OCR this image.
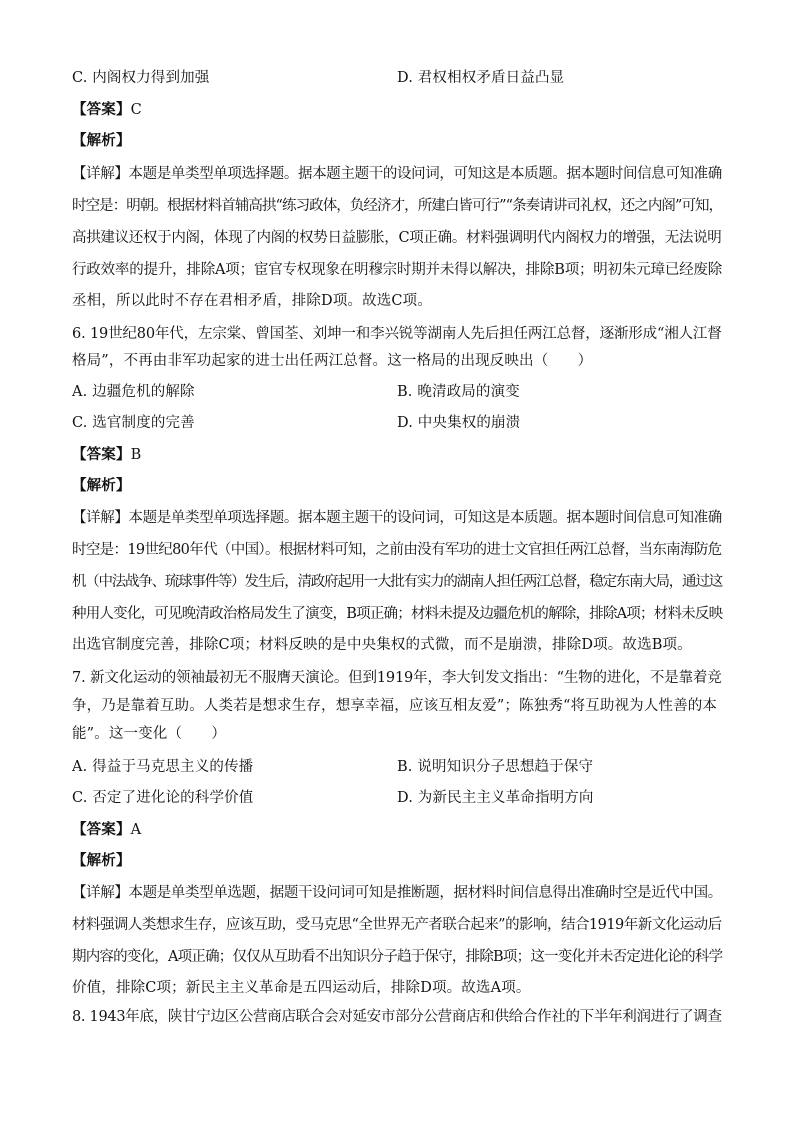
C. 内阁权力得到加强	D. 君权相权矛盾日益凸显
【答案】C
【解析】
【详解】本题是单类型单项选择题。据本题主题干的设问词，可知这是本质题。据本题时间信息可知准确
时空是：明朝。根据材料首辅高拱“练习政体，负经济才，所建白皆可行”“条奏请讲司礼权，还之内阁”可知，
高拱建议还权于内阁，体现了内阁的权势日益膨胀，C项正确。材料强调明代内阁权力的增强，无法说明
行政效率的提升，排除A项；宦官专权现象在明穆宗时期并未得以解决，排除B项；明初朱元璋已经废除
丞相，所以此时不存在君相矛盾，排除D项。故选C项。
6. 19世纪80年代，左宗棠、曾国荃、刘坤一和李兴锐等湖南人先后担任两江总督，逐渐形成“湘人江督
格局”，不再由非军功起家的进士出任两江总督。这一格局的出现反映出（　　）
A. 边疆危机的解除	B. 晚清政局的演变
C. 选官制度的完善	D. 中央集权的崩溃
【答案】B
【解析】
【详解】本题是单类型单项选择题。据本题主题干的设问词，可知这是本质题。据本题时间信息可知准确
时空是：19世纪80年代（中国）。根据材料可知，之前由没有军功的进士文官担任两江总督，当东南海防危
机（中法战争、琉球事件等）发生后，清政府起用一大批有实力的湖南人担任两江总督，稳定东南大局，通过这
种用人变化，可见晚清政治格局发生了演变，B项正确；材料未提及边疆危机的解除，排除A项；材料未反映
出选官制度完善，排除C项；材料反映的是中央集权的式微，而不是崩溃，排除D项。故选B项。
7. 新文化运动的领袖最初无不服膺天演论。但到1919年，李大钊发文指出：“生物的进化，不是靠着竞
争，乃是靠着互助。人类若是想求生存，想享幸福，应该互相友爱”；陈独秀“将互助视为人性善的本
能”。这一变化（　　）
A. 得益于马克思主义的传播	B. 说明知识分子思想趋于保守
C. 否定了进化论的科学价值	D. 为新民主主义革命指明方向
【答案】A
【解析】
【详解】本题是单类型单选题，据题干设问词可知是推断题，据材料时间信息得出准确时空是近代中国。
材料强调人类想求生存，应该互助，受马克思“全世界无产者联合起来”的影响，结合1919年新文化运动后
期内容的变化，A项正确；仅仅从互助看不出知识分子趋于保守，排除B项；这一变化并未否定进化论的科学
价值，排除C项；新民主主义革命是五四运动后，排除D项。故选A项。
8. 1943年底，陕甘宁边区公营商店联合会对延安市部分公营商店和供给合作社的下半年利润进行了调查
